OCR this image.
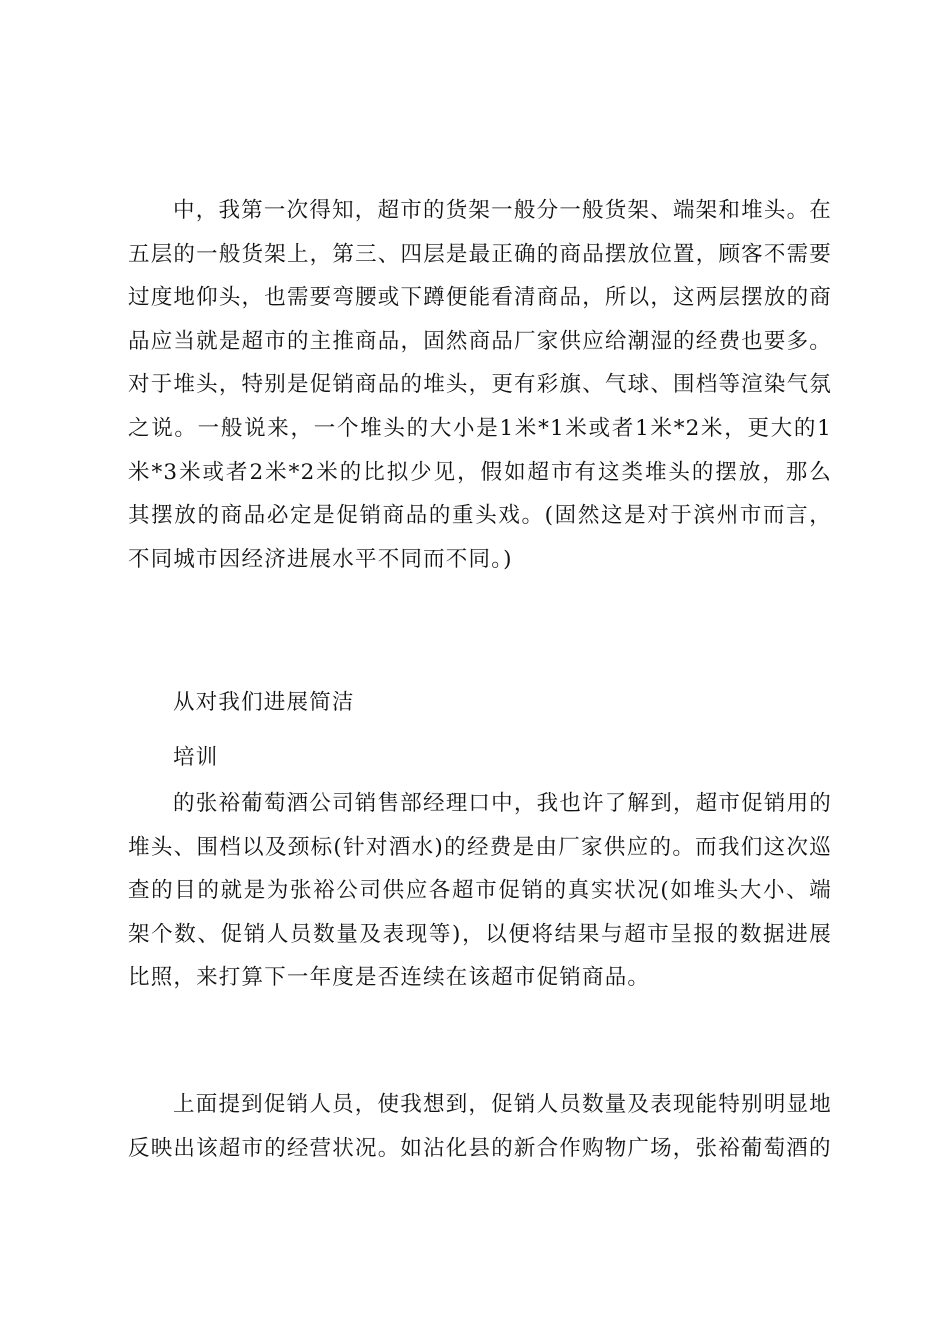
中，我第一次得知，超市的货架一般分一般货架、端架和堆头。在五层的一般货架上，第三、四层是最正确的商品摆放位置，顾客不需要过度地仰头，也需要弯腰或下蹲便能看清商品，所以，这两层摆放的商品应当就是超市的主推商品，固然商品厂家供应给潮湿的经费也要多。对于堆头，特别是促销商品的堆头，更有彩旗、气球、围档等渲染气氛之说。一般说来，一个堆头的大小是1米*1米或者1米*2米，更大的1米*3米或者2米*2米的比拟少见，假如超市有这类堆头的摆放，那么其摆放的商品必定是促销商品的重头戏。(固然这是对于滨州市而言，不同城市因经济进展水平不同而不同。)

从对我们进展简洁

培训

的张裕葡萄酒公司销售部经理口中，我也许了解到，超市促销用的堆头、围档以及颈标(针对酒水)的经费是由厂家供应的。而我们这次巡查的目的就是为张裕公司供应各超市促销的真实状况(如堆头大小、端架个数、促销人员数量及表现等)，以便将结果与超市呈报的数据进展比照，来打算下一年度是否连续在该超市促销商品。

上面提到促销人员，使我想到，促销人员数量及表现能特别明显地反映出该超市的经营状况。如沾化县的新合作购物广场，张裕葡萄酒的
